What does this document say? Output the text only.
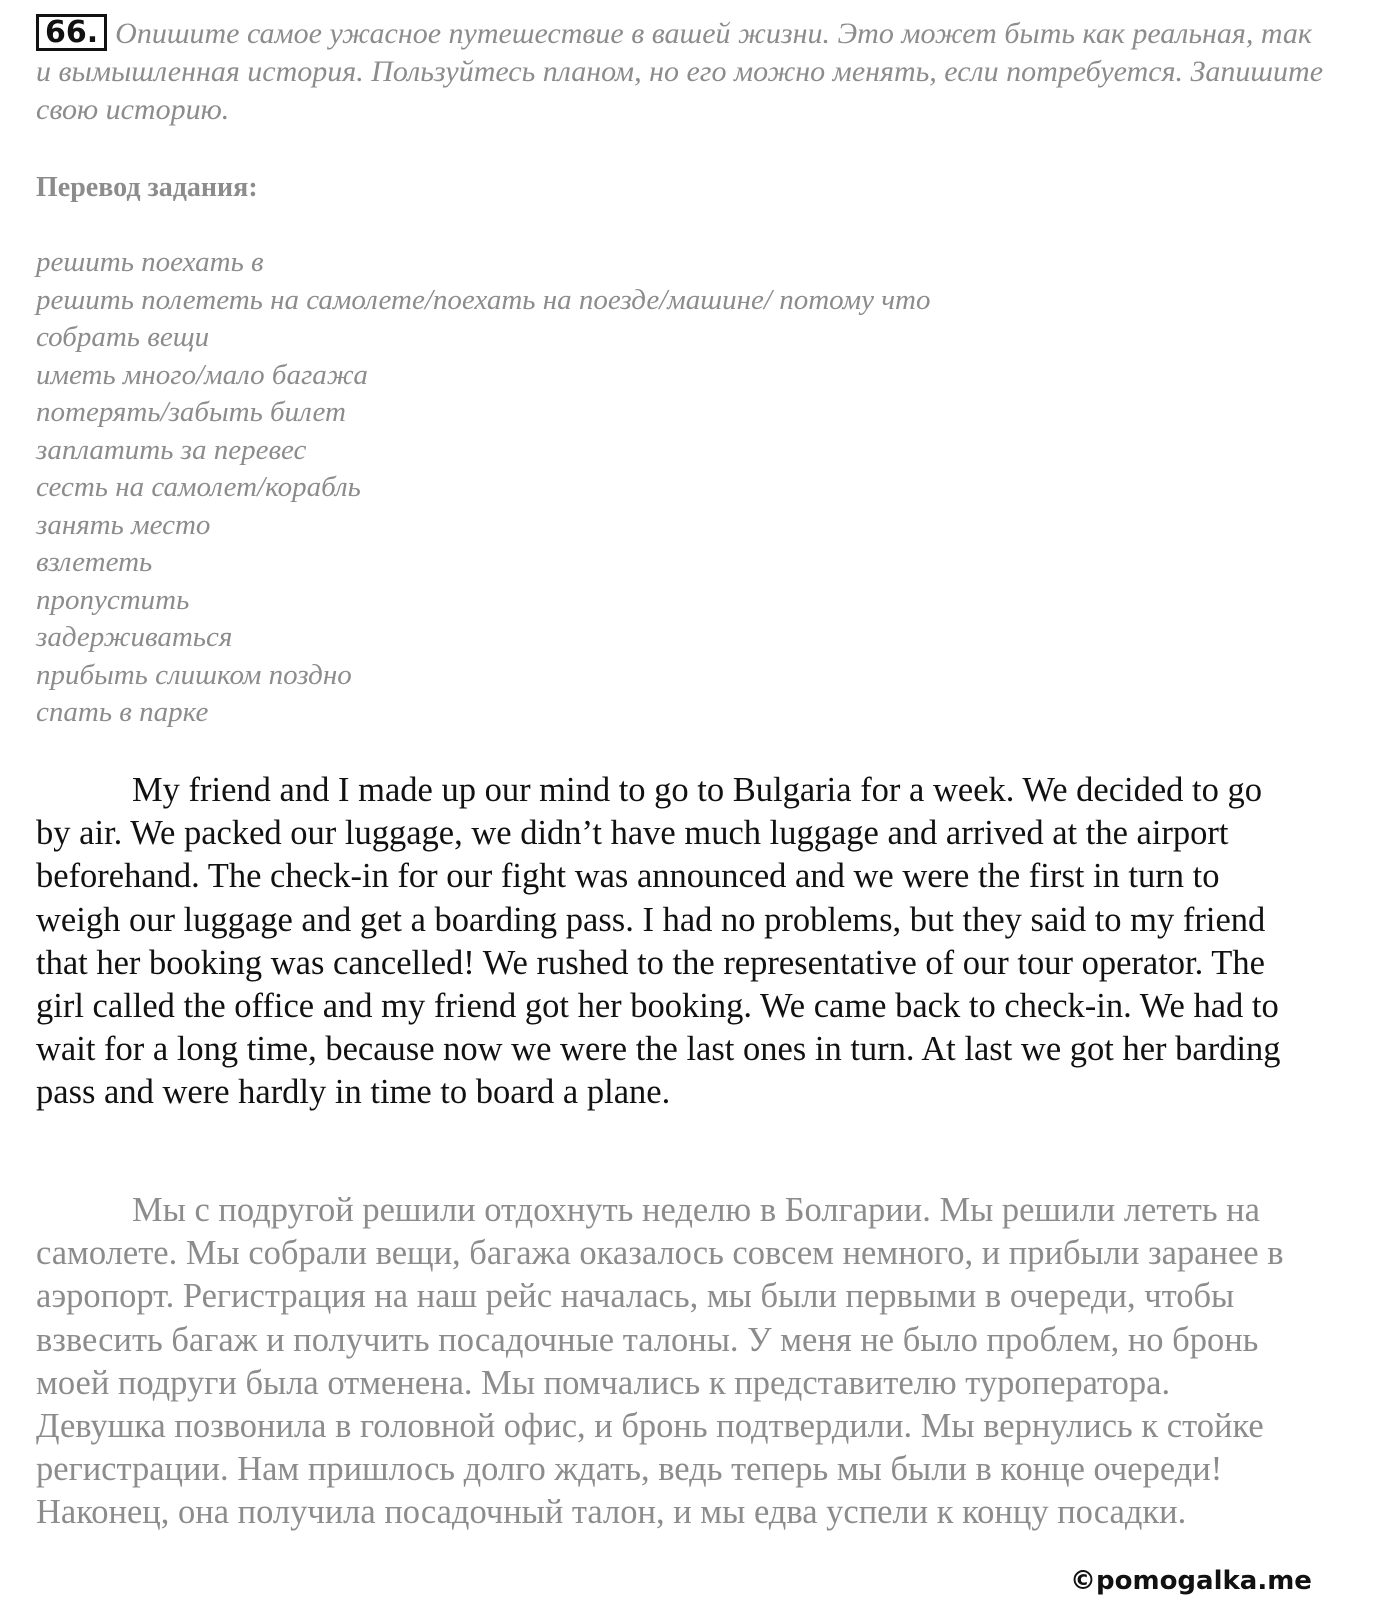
66. Опишите самое ужасное путешествие в вашей жизни. Это может быть как реальная, так и вымышленная история. Пользуйтесь планом, но его можно менять, если потребуется. Запишите свою историю.
Перевод задания:
решить поехать в
решить полететь на самолете/поехать на поезде/машине/ потому что
собрать вещи
иметь много/мало багажа
потерять/забыть билет
заплатить за перевес
сесть на самолет/корабль
занять место
взлететь
пропустить
задерживаться
прибыть слишком поздно
спать в парке

My friend and I made up our mind to go to Bulgaria for a week. We decided to go by air. We packed our luggage, we didn’t have much luggage and arrived at the airport beforehand. The check-in for our fight was announced and we were the first in turn to weigh our luggage and get a boarding pass. I had no problems, but they said to my friend that her booking was cancelled! We rushed to the representative of our tour operator. The girl called the office and my friend got her booking. We came back to check-in. We had to wait for a long time, because now we were the last ones in turn. At last we got her barding pass and were hardly in time to board a plane.

Мы с подругой решили отдохнуть неделю в Болгарии. Мы решили лететь на самолете. Мы собрали вещи, багажа оказалось совсем немного, и прибыли заранее в аэропорт. Регистрация на наш рейс началась, мы были первыми в очереди, чтобы взвесить багаж и получить посадочные талоны. У меня не было проблем, но бронь моей подруги была отменена. Мы помчались к представителю туроператора. Девушка позвонила в головной офис, и бронь подтвердили. Мы вернулись к стойке регистрации. Нам пришлось долго ждать, ведь теперь мы были в конце очереди! Наконец, она получила посадочный талон, и мы едва успели к концу посадки.

©pomogalka.me
